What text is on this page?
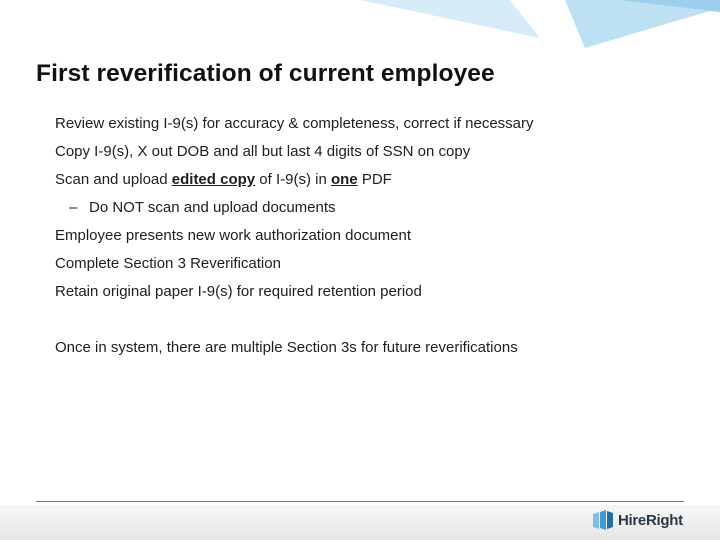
First reverification of current employee
Review existing I-9(s) for accuracy & completeness, correct if necessary
Copy I-9(s), X out DOB and all but last 4 digits of SSN on copy
Scan and upload edited copy of I-9(s) in one PDF
– Do NOT scan and upload documents
Employee presents new work authorization document
Complete Section 3 Reverification
Retain original paper I-9(s) for required retention period
Once in system, there are multiple Section 3s for future reverifications
HireRight .
